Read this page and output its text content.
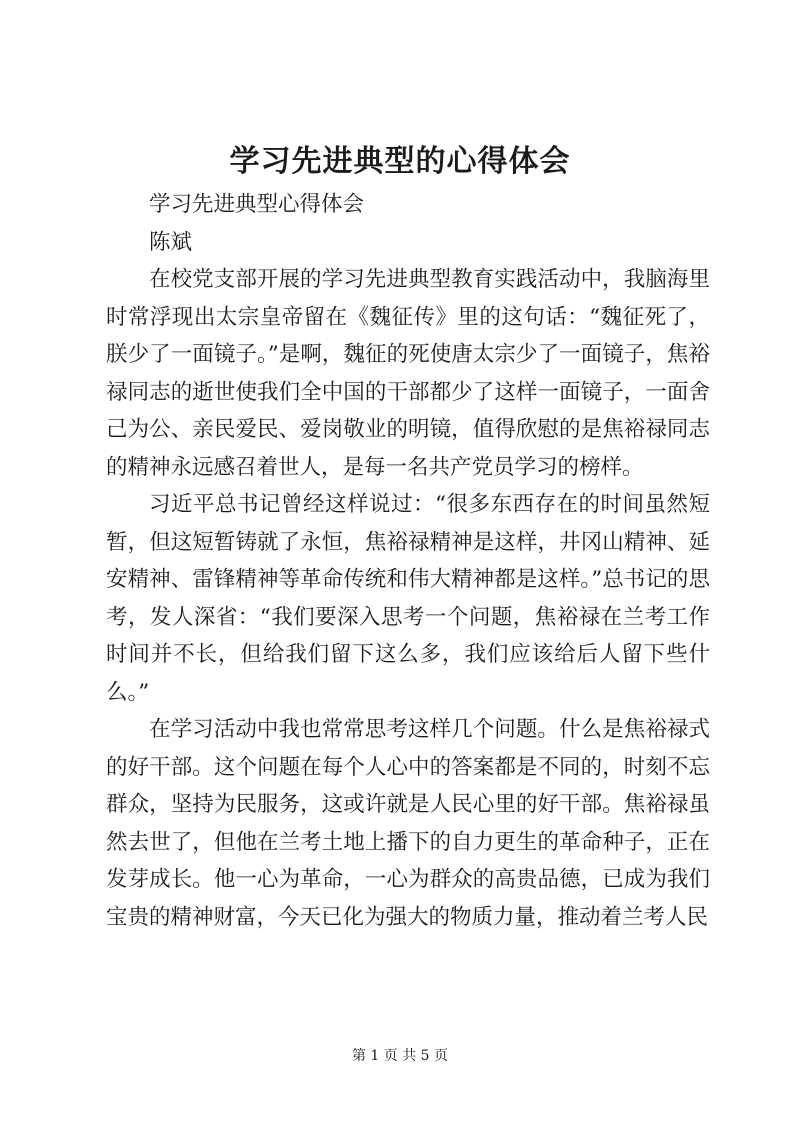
学习先进典型的心得体会

学习先进典型心得体会

陈斌

在校党支部开展的学习先进典型教育实践活动中，我脑海里时常浮现出太宗皇帝留在《魏征传》里的这句话：“魏征死了，朕少了一面镜子。”是啊，魏征的死使唐太宗少了一面镜子，焦裕禄同志的逝世使我们全中国的干部都少了这样一面镜子，一面舍己为公、亲民爱民、爱岗敬业的明镜，值得欣慰的是焦裕禄同志的精神永远感召着世人，是每一名共产党员学习的榜样。

习近平总书记曾经这样说过：“很多东西存在的时间虽然短暂，但这短暂铸就了永恒，焦裕禄精神是这样，井冈山精神、延安精神、雷锋精神等革命传统和伟大精神都是这样。”总书记的思考，发人深省：“我们要深入思考一个问题，焦裕禄在兰考工作时间并不长，但给我们留下这么多，我们应该给后人留下些什么。”

在学习活动中我也常常思考这样几个问题。什么是焦裕禄式的好干部。这个问题在每个人心中的答案都是不同的，时刻不忘群众，坚持为民服务，这或许就是人民心里的好干部。焦裕禄虽然去世了，但他在兰考土地上播下的自力更生的革命种子，正在发芽成长。他一心为革命，一心为群众的高贵品德，已成为我们宝贵的精神财富，今天已化为强大的物质力量，推动着兰考人民

第 1 页 共 5 页
